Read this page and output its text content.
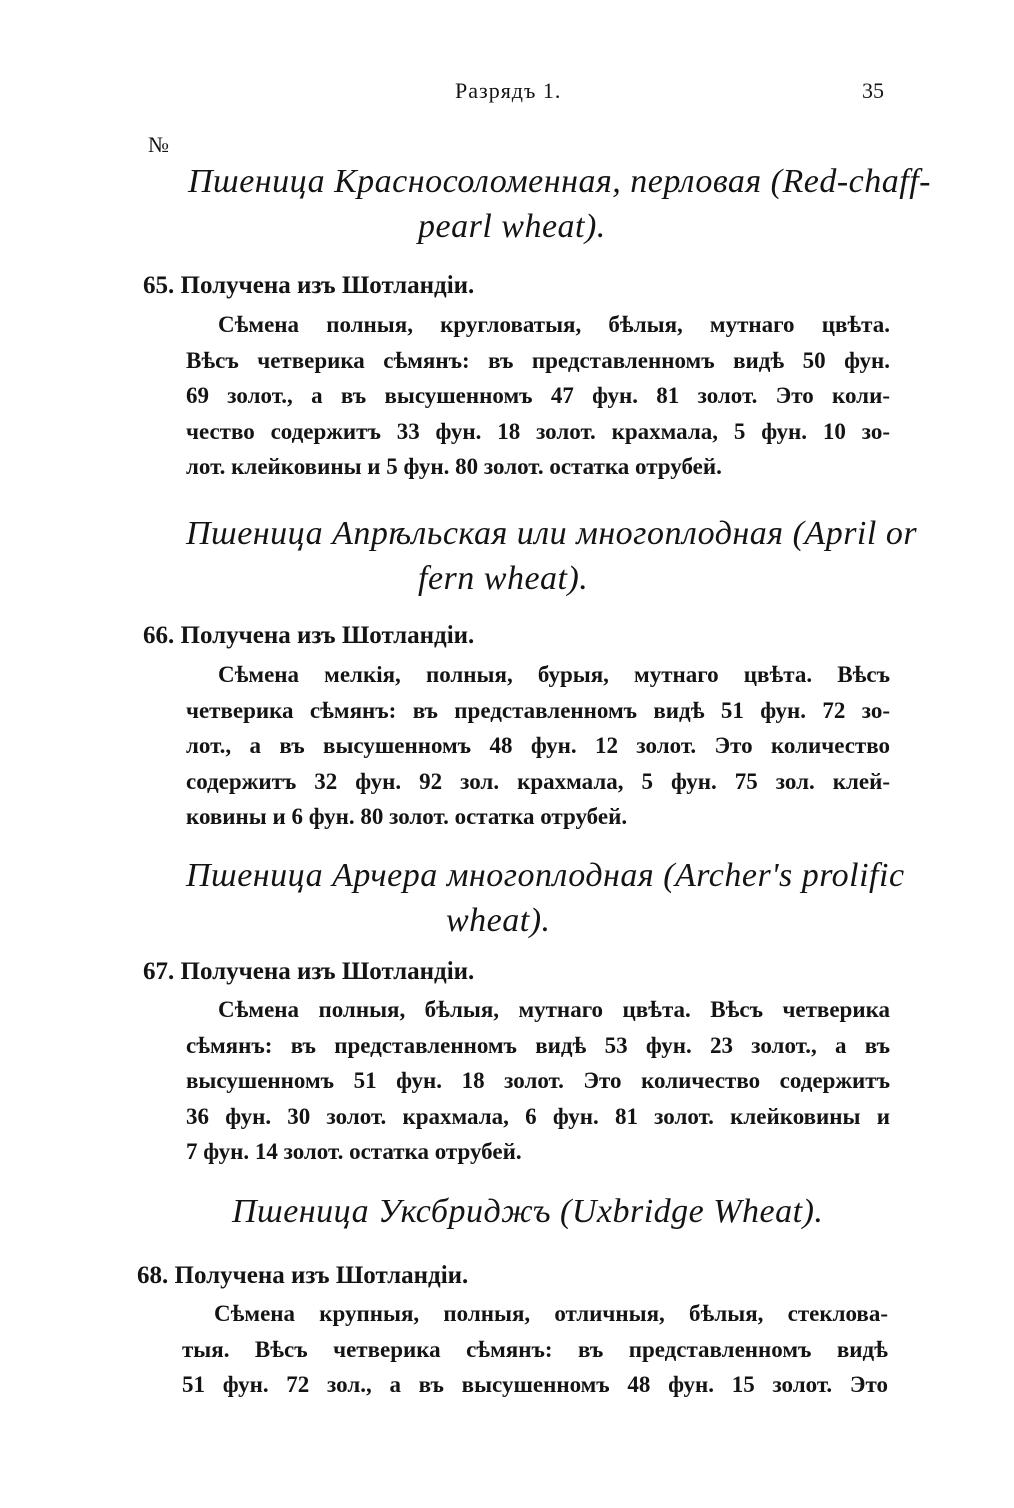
Разрядъ 1.	35
№
Пшеница Красносоломенная, перловая (Red-chaff-
pearl wheat).
65. Получена изъ Шотландіи.
Сѣмена полныя, кругловатыя, бѣлыя, мутнаго цвѣта.
Вѣсъ четверика сѣмянъ: въ представленномъ видѣ 50 фун.
69 золот., а въ высушенномъ 47 фун. 81 золот. Это коли-
чество содержитъ 33 фун. 18 золот. крахмала, 5 фун. 10 зо-
лот. клейковины и 5 фун. 80 золот. остатка отрубей.
Пшеница Апрѣльская или многоплодная (April or
fern wheat).
66. Получена изъ Шотландіи.
Сѣмена мелкія, полныя, бурыя, мутнаго цвѣта. Вѣсъ
четверика сѣмянъ: въ представленномъ видѣ 51 фун. 72 зо-
лот., а въ высушенномъ 48 фун. 12 золот. Это количество
содержитъ 32 фун. 92 зол. крахмала, 5 фун. 75 зол. клей-
ковины и 6 фун. 80 золот. остатка отрубей.
Пшеница Арчера многоплодная (Archer's prolific
wheat).
67. Получена изъ Шотландіи.
Сѣмена полныя, бѣлыя, мутнаго цвѣта. Вѣсъ четверика
сѣмянъ: въ представленномъ видѣ 53 фун. 23 золот., а въ
высушенномъ 51 фун. 18 золот. Это количество содержитъ
36 фун. 30 золот. крахмала, 6 фун. 81 золот. клейковины и
7 фун. 14 золот. остатка отрубей.
Пшеница Уксбриджъ (Uxbridge Wheat).
68. Получена изъ Шотландіи.
Сѣмена крупныя, полныя, отличныя, бѣлыя, стеклова-
тыя. Вѣсъ четверика сѣмянъ: въ представленномъ видѣ
51 фун. 72 зол., а въ высушенномъ 48 фун. 15 золот. Это
